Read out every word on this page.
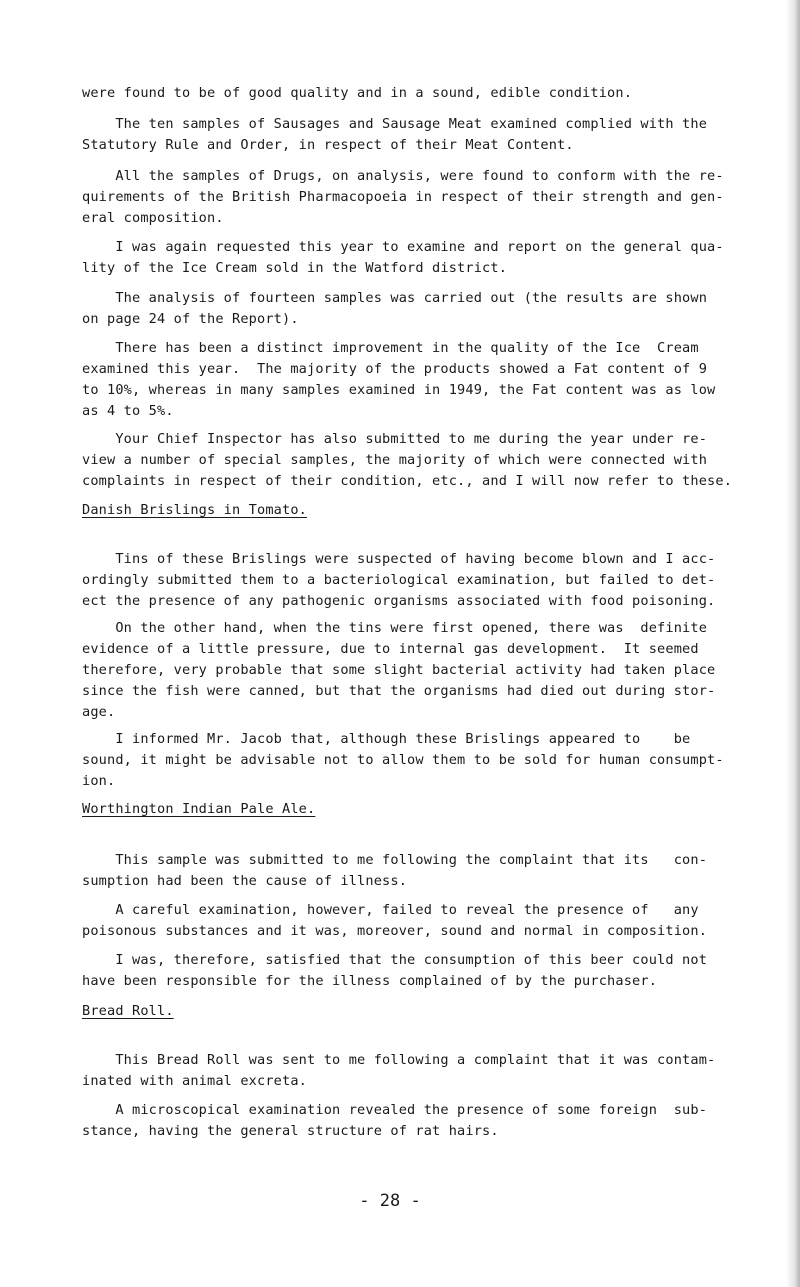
were found to be of good quality and in a sound, edible condition.

The ten samples of Sausages and Sausage Meat examined complied with the
Statutory Rule and Order, in respect of their Meat Content.

All the samples of Drugs, on analysis, were found to conform with the re-
quirements of the British Pharmacopoeia in respect of their strength and gen-
eral composition.

I was again requested this year to examine and report on the general qua-
lity of the Ice Cream sold in the Watford district.

The analysis of fourteen samples was carried out (the results are shown
on page 24 of the Report).

There has been a distinct improvement in the quality of the Ice  Cream
examined this year.  The majority of the products showed a Fat content of 9
to 10%, whereas in many samples examined in 1949, the Fat content was as low
as 4 to 5%.

Your Chief Inspector has also submitted to me during the year under re-
view a number of special samples, the majority of which were connected with
complaints in respect of their condition, etc., and I will now refer to these.

Danish Brislings in Tomato.

Tins of these Brislings were suspected of having become blown and I acc-
ordingly submitted them to a bacteriological examination, but failed to det-
ect the presence of any pathogenic organisms associated with food poisoning.

On the other hand, when the tins were first opened, there was  definite
evidence of a little pressure, due to internal gas development.  It seemed
therefore, very probable that some slight bacterial activity had taken place
since the fish were canned, but that the organisms had died out during stor-
age.

I informed Mr. Jacob that, although these Brislings appeared to    be
sound, it might be advisable not to allow them to be sold for human consumpt-
ion.

Worthington Indian Pale Ale.

This sample was submitted to me following the complaint that its   con-
sumption had been the cause of illness.

A careful examination, however, failed to reveal the presence of   any
poisonous substances and it was, moreover, sound and normal in composition.

I was, therefore, satisfied that the consumption of this beer could not
have been responsible for the illness complained of by the purchaser.

Bread Roll.

This Bread Roll was sent to me following a complaint that it was contam-
inated with animal excreta.

A microscopical examination revealed the presence of some foreign  sub-
stance, having the general structure of rat hairs.

- 28 -
